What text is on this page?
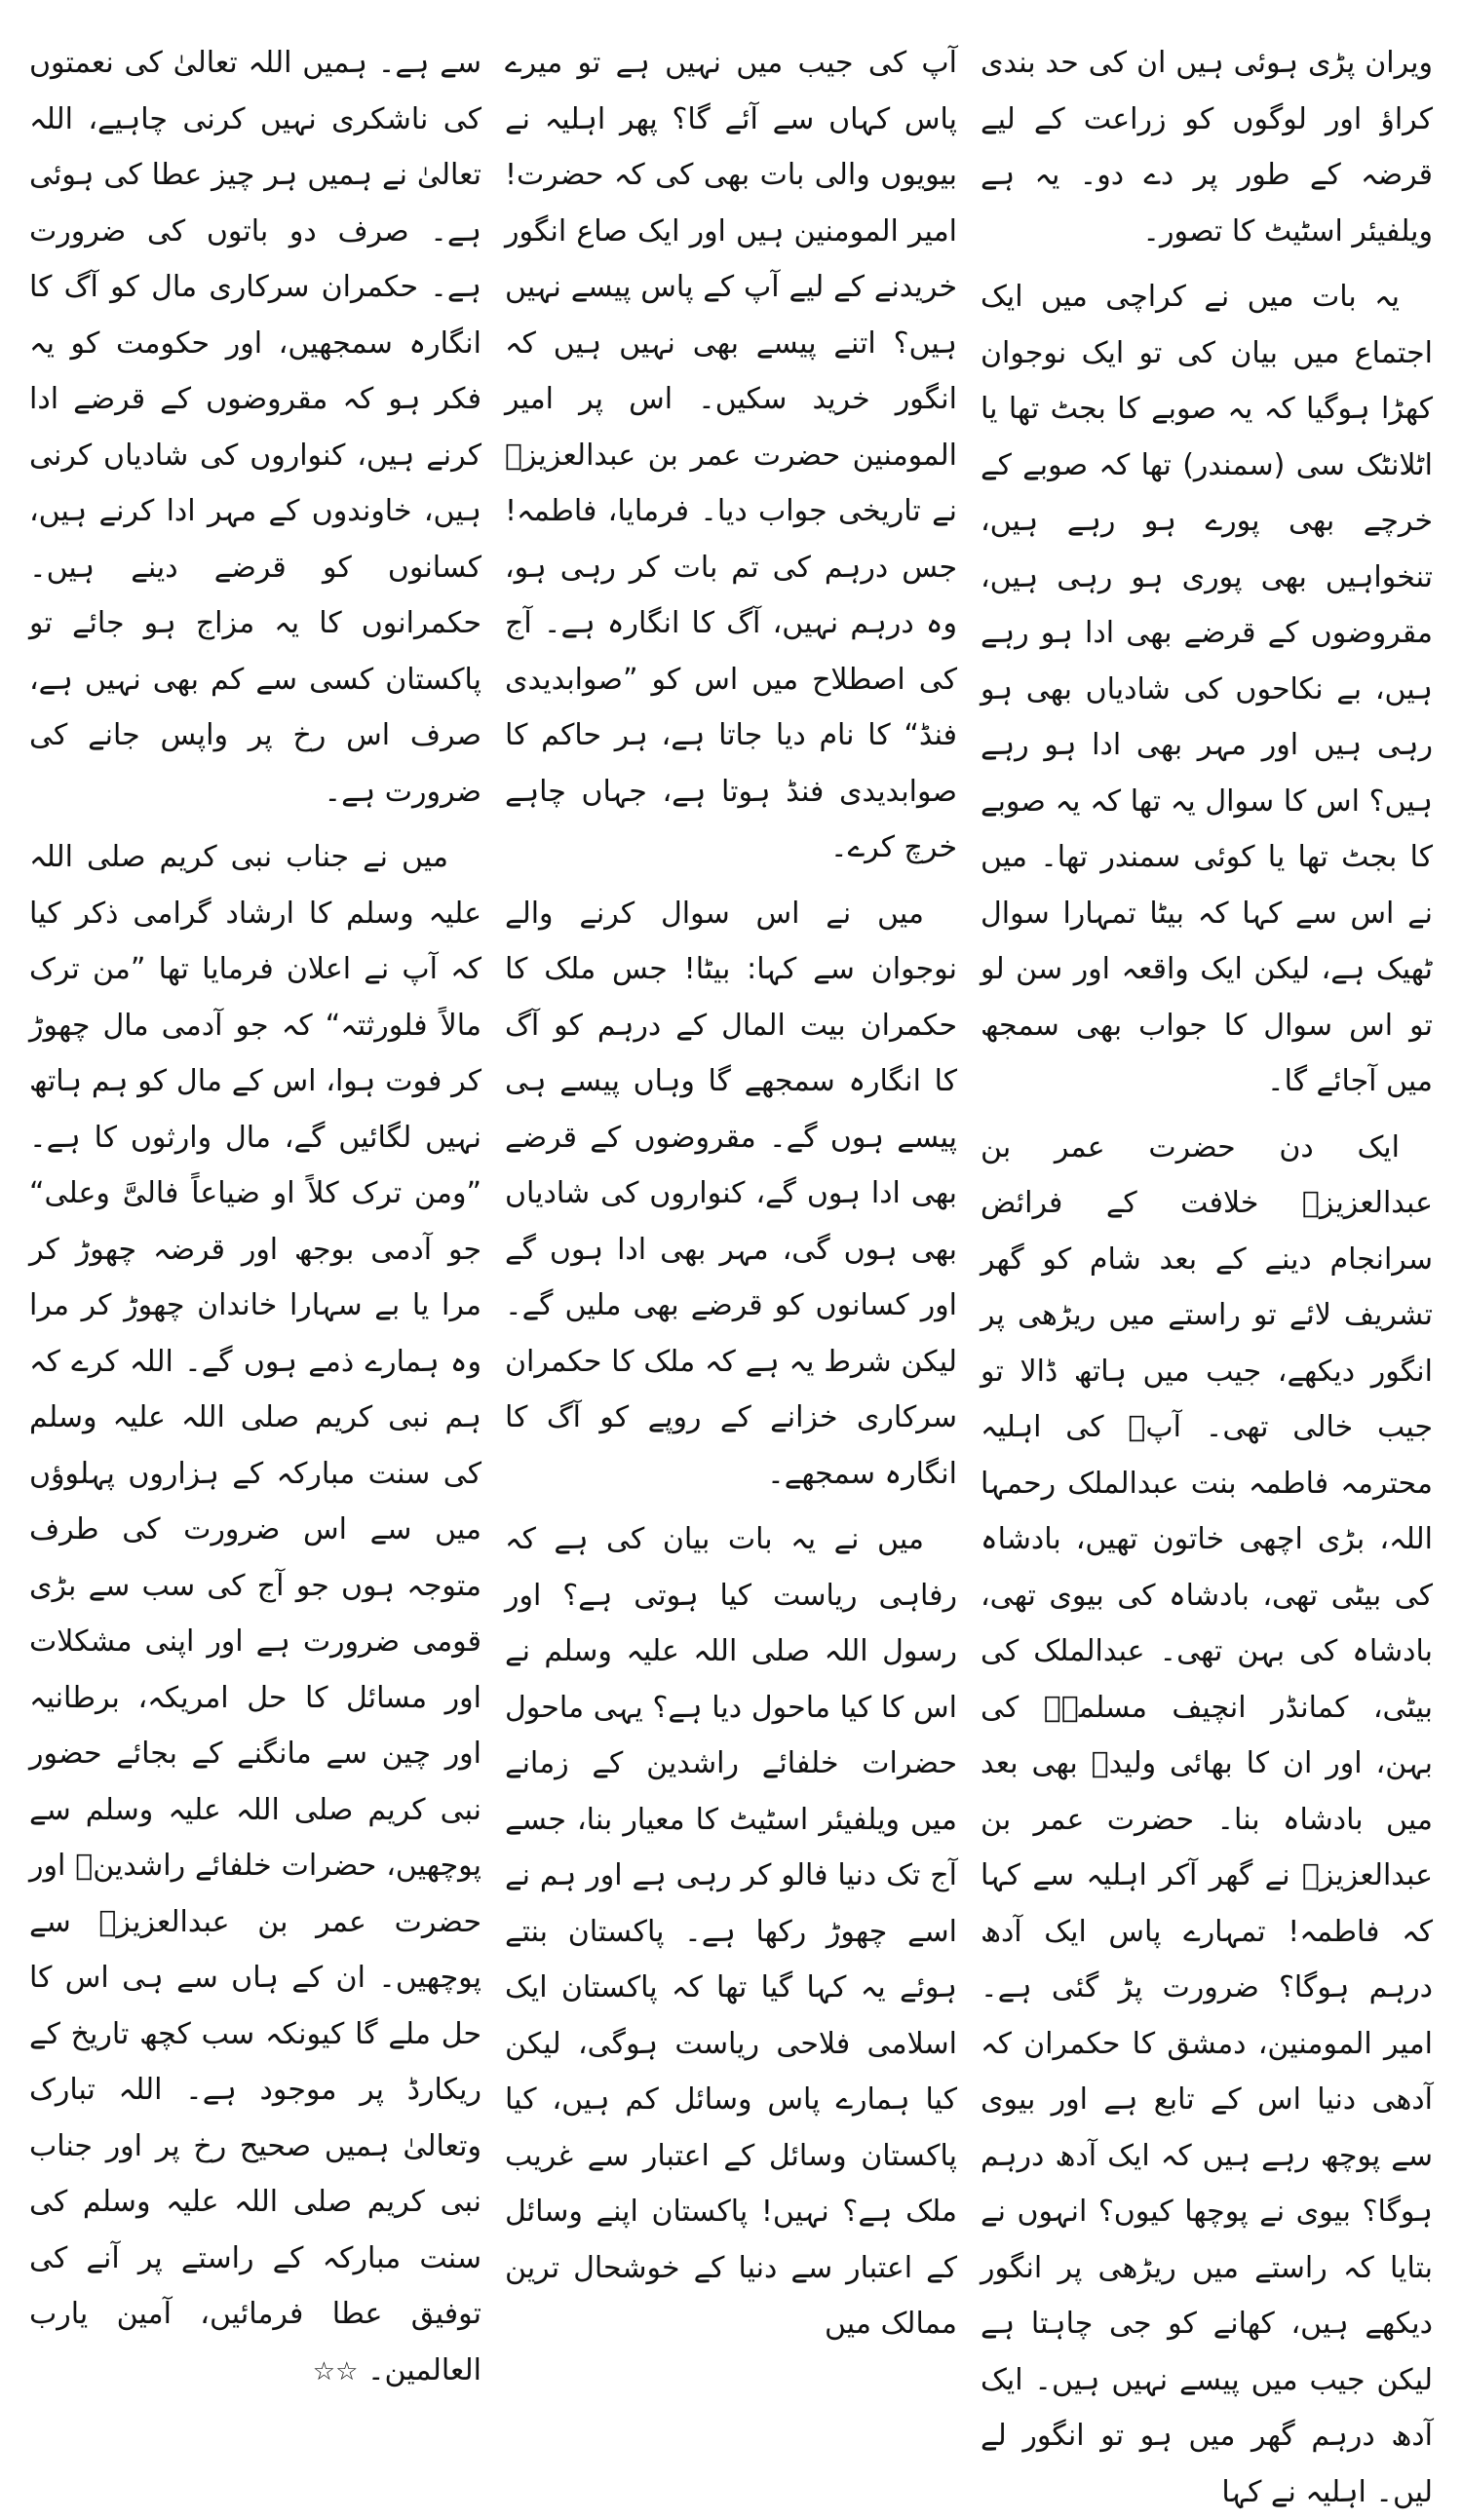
ویران پڑی ہوئی ہیں ان کی حد بندی کراؤ اور لوگوں کو زراعت کے لیے قرضہ کے طور پر دے دو۔ یہ ہے ویلفیئر اسٹیٹ کا تصور۔

یہ بات میں نے کراچی میں ایک اجتماع میں بیان کی تو ایک نوجوان کھڑا ہوگیا کہ یہ صوبے کا بجٹ تھا یا اٹلانٹک سی (سمندر) تھا کہ صوبے کے خرچے بھی پورے ہو رہے ہیں، تنخواہیں بھی پوری ہو رہی ہیں، مقروضوں کے قرضے بھی ادا ہو رہے ہیں، بے نکاحوں کی شادیاں بھی ہو رہی ہیں اور مہر بھی ادا ہو رہے ہیں؟ اس کا سوال یہ تھا کہ یہ صوبے کا بجٹ تھا یا کوئی سمندر تھا۔ میں نے اس سے کہا کہ بیٹا تمہارا سوال ٹھیک ہے، لیکن ایک واقعہ اور سن لو تو اس سوال کا جواب بھی سمجھ میں آجائے گا۔

ایک دن حضرت عمر بن عبدالعزیزؒ خلافت کے فرائض سرانجام دینے کے بعد شام کو گھر تشریف لائے تو راستے میں ریڑھی پر انگور دیکھے، جیب میں ہاتھ ڈالا تو جیب خالی تھی۔ آپؒ کی اہلیہ محترمہ فاطمہ بنت عبدالملک رحمہا اللہ، بڑی اچھی خاتون تھیں، بادشاہ کی بیٹی تھی، بادشاہ کی بیوی تھی، بادشاہ کی بہن تھی۔ عبدالملک کی بیٹی، کمانڈر انچیف مسلمہؒ کی بہن، اور ان کا بھائی ولیدؒ بھی بعد میں بادشاہ بنا۔ حضرت عمر بن عبدالعزیزؒ نے گھر آکر اہلیہ سے کہا کہ فاطمہ! تمہارے پاس ایک آدھ درہم ہوگا؟ ضرورت پڑ گئی ہے۔ امیر المومنین، دمشق کا حکمران کہ آدھی دنیا اس کے تابع ہے اور بیوی سے پوچھ رہے ہیں کہ ایک آدھ درہم ہوگا؟ بیوی نے پوچھا کیوں؟ انہوں نے بتایا کہ راستے میں ریڑھی پر انگور دیکھے ہیں، کھانے کو جی چاہتا ہے لیکن جیب میں پیسے نہیں ہیں۔ ایک آدھ درہم گھر میں ہو تو انگور لے لیں۔ اہلیہ نے کہا

آپ کی جیب میں نہیں ہے تو میرے پاس کہاں سے آئے گا؟ پھر اہلیہ نے بیویوں والی بات بھی کی کہ حضرت! امیر المومنین ہیں اور ایک صاع انگور خریدنے کے لیے آپ کے پاس پیسے نہیں ہیں؟ اتنے پیسے بھی نہیں ہیں کہ انگور خرید سکیں۔ اس پر امیر المومنین حضرت عمر بن عبدالعزیزؒ نے تاریخی جواب دیا۔ فرمایا، فاطمہ! جس درہم کی تم بات کر رہی ہو، وہ درہم نہیں، آگ کا انگارہ ہے۔ آج کی اصطلاح میں اس کو ”صوابدیدی فنڈ“ کا نام دیا جاتا ہے، ہر حاکم کا صوابدیدی فنڈ ہوتا ہے، جہاں چاہے خرچ کرے۔

میں نے اس سوال کرنے والے نوجوان سے کہا: بیٹا! جس ملک کا حکمران بیت المال کے درہم کو آگ کا انگارہ سمجھے گا وہاں پیسے ہی پیسے ہوں گے۔ مقروضوں کے قرضے بھی ادا ہوں گے، کنواروں کی شادیاں بھی ہوں گی، مہر بھی ادا ہوں گے اور کسانوں کو قرضے بھی ملیں گے۔ لیکن شرط یہ ہے کہ ملک کا حکمران سرکاری خزانے کے روپے کو آگ کا انگارہ سمجھے۔

میں نے یہ بات بیان کی ہے کہ رفاہی ریاست کیا ہوتی ہے؟ اور رسول اللہ صلی اللہ علیہ وسلم نے اس کا کیا ماحول دیا ہے؟ یہی ماحول حضرات خلفائے راشدین کے زمانے میں ویلفیئر اسٹیٹ کا معیار بنا، جسے آج تک دنیا فالو کر رہی ہے اور ہم نے اسے چھوڑ رکھا ہے۔ پاکستان بنتے ہوئے یہ کہا گیا تھا کہ پاکستان ایک اسلامی فلاحی ریاست ہوگی، لیکن کیا ہمارے پاس وسائل کم ہیں، کیا پاکستان وسائل کے اعتبار سے غریب ملک ہے؟ نہیں! پاکستان اپنے وسائل کے اعتبار سے دنیا کے خوشحال ترین ممالک میں

سے ہے۔ ہمیں اللہ تعالیٰ کی نعمتوں کی ناشکری نہیں کرنی چاہیے، اللہ تعالیٰ نے ہمیں ہر چیز عطا کی ہوئی ہے۔ صرف دو باتوں کی ضرورت ہے۔ حکمران سرکاری مال کو آگ کا انگارہ سمجھیں، اور حکومت کو یہ فکر ہو کہ مقروضوں کے قرضے ادا کرنے ہیں، کنواروں کی شادیاں کرنی ہیں، خاوندوں کے مہر ادا کرنے ہیں، کسانوں کو قرضے دینے ہیں۔ حکمرانوں کا یہ مزاج ہو جائے تو پاکستان کسی سے کم بھی نہیں ہے، صرف اس رخ پر واپس جانے کی ضرورت ہے۔

میں نے جناب نبی کریم صلی اللہ علیہ وسلم کا ارشاد گرامی ذکر کیا کہ آپ نے اعلان فرمایا تھا ”من ترک مالاً فلورثتہ“ کہ جو آدمی مال چھوڑ کر فوت ہوا، اس کے مال کو ہم ہاتھ نہیں لگائیں گے، مال وارثوں کا ہے۔ ”ومن ترک کلاً او ضیاعاً فالیَّ وعلی“ جو آدمی بوجھ اور قرضہ چھوڑ کر مرا یا بے سہارا خاندان چھوڑ کر مرا وہ ہمارے ذمے ہوں گے۔ اللہ کرے کہ ہم نبی کریم صلی اللہ علیہ وسلم کی سنت مبارکہ کے ہزاروں پہلوؤں میں سے اس ضرورت کی طرف متوجہ ہوں جو آج کی سب سے بڑی قومی ضرورت ہے اور اپنی مشکلات اور مسائل کا حل امریکہ، برطانیہ اور چین سے مانگنے کے بجائے حضور نبی کریم صلی اللہ علیہ وسلم سے پوچھیں، حضرات خلفائے راشدینؓ اور حضرت عمر بن عبدالعزیزؒ سے پوچھیں۔ ان کے ہاں سے ہی اس کا حل ملے گا کیونکہ سب کچھ تاریخ کے ریکارڈ پر موجود ہے۔ اللہ تبارک وتعالیٰ ہمیں صحیح رخ پر اور جناب نبی کریم صلی اللہ علیہ وسلم کی سنت مبارکہ کے راستے پر آنے کی توفیق عطا فرمائیں، آمین یارب العالمین۔ ☆☆
